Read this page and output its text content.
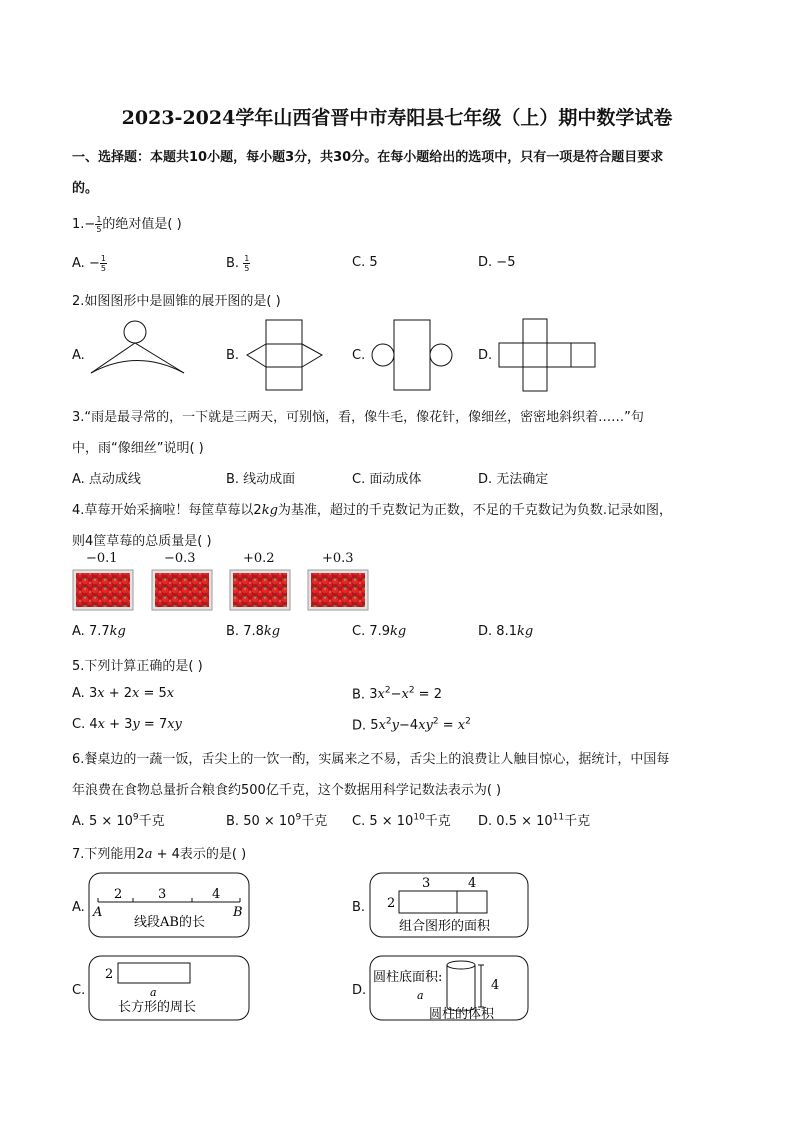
2023-2024学年山西省晋中市寿阳县七年级（上）期中数学试卷
一、选择题：本题共10小题，每小题3分，共30分。在每小题给出的选项中，只有一项是符合题目要求
的。
$1.- \frac{1}{5}$ 的绝对值是( )
A. − $\frac{1}{5}$	B. $\frac{1}{5}$	C. 5	D. −5
2.如图图形中是圆锥的展开图的是( )
A.	B.	C.	D.
3.“雨是最寻常的，一下就是三两天，可别恼，看，像牛毛，像花针，像细丝，密密地斜织着……”句
中，雨“像细丝”说明( )
A. 点动成线	B. 线动成面	C. 面动成体	D. 无法确定
4.草莓开始采摘啦！每筐草莓以2kg为基准，超过的千克数记为正数，不足的千克数记为负数.记录如图，
则4筐草莓的总质量是( )
−0.1	−0.3	+0.2	+0.3
A. 7.7kg	B. 7.8kg	C. 7.9kg	D. 8.1kg
5.下列计算正确的是( )
A. 3x + 2x = 5x	B. $3x^2-x^2 = 2$
C. 4x + 3y = 7xy	D. $5x^2y-4xy^2 = x^2$
6.餐桌边的一蔬一饭，舌尖上的一饮一酌，实属来之不易，舌尖上的浪费让人触目惊心，据统计，中国每
年浪费在食物总量折合粮食约500亿千克，这个数据用科学记数法表示为( )
A. $5 \times 10^9$千克	B. $50 \times 10^9$千克 C. $5 \times 10^{10}$千克 D. $0.5 \times 10^{11}$千克
7.下列能用2a + 4表示的是( )
A.
2	3	4
A	B
线段AB的长
B.
3	4
2
组合图形的面积
C.
2
a
长方形的周长
D.
圆柱底面积:
a
4
圆柱的体积
